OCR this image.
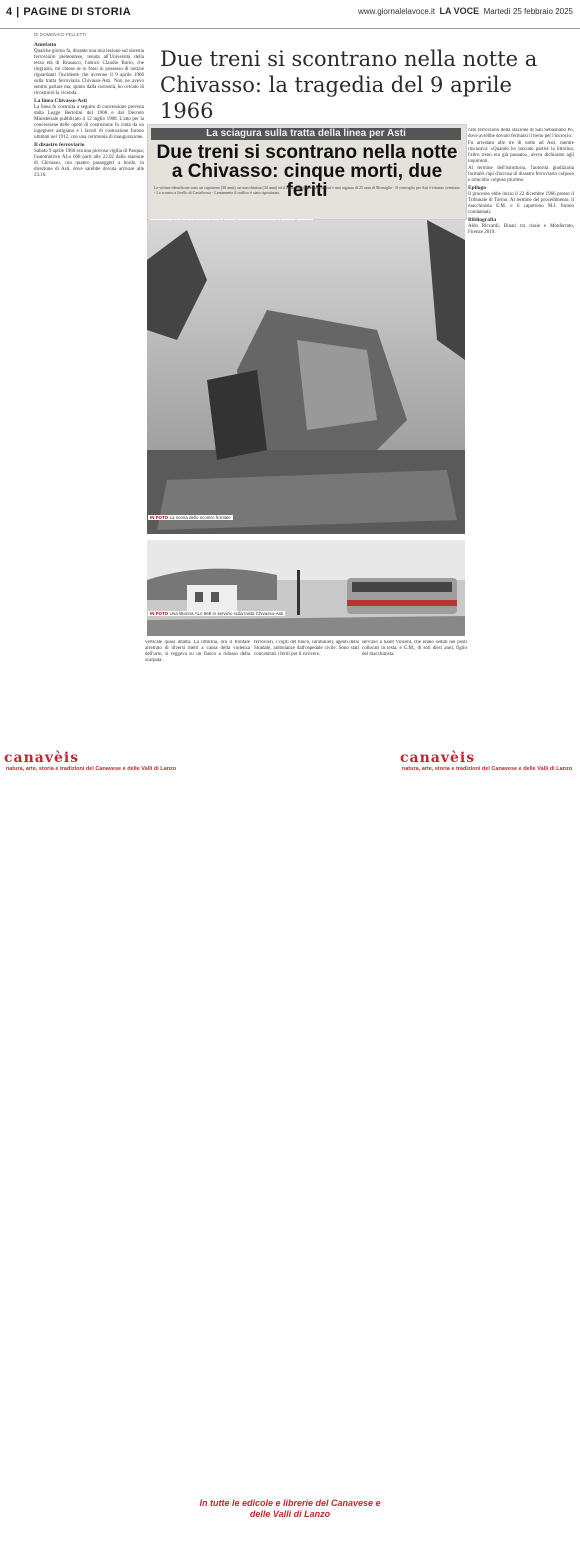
4 | PAGINE DI STORIA	www.giornalelavoce.it LA VOCE Martedì 25 febbraio 2025
DI DOMENICO FELLETTI
Due treni si scontrano nella notte a Chivasso: la tragedia del 9 aprile 1966
Antefatto

Qualche giorno fa, durante una mia lezione sul sistema ferroviario piemontese, tenuta all'Università della terza età di Brusasco, l'amico Claudio Borio, che ringrazio, mi chiese se io fossi in possesso di notizie riguardanti l'incidente che avvenne il 9 aprile 1966 sulla tratta ferroviaria Chivasso-Asti. Non ne avevo sentito parlare ma, spinto dalla curiosità, ho cercato di ricostruire la vicenda.

La linea Chivasso-Asti

La linea fu costruita a seguito di concessione prevista dalla Legge Bertolini del 1908 e dal Decreto Ministeriale pubblicato il 12 luglio 1908. L'atto per la concessione delle opere di costruzione fu vinta da un ingegnere astigiano e i lavori di costruzione furono ultimati nel 1912, con una cerimonia di inaugurazione.

Il disastro ferroviario

Sabato 9 aprile 1966 era una piovosa vigilia di Pasqua; l'automotrice ALn 668 partì alle 22.02 dalla stazione di Chivasso, con quattro passeggeri a bordo, in direzione di Asti, dove sarebbe dovuta arrivare alle 23.16.

La sciagura sulla tratta della linea per Asti
Due treni si scontrano nella notte a Chivasso: cinque morti, due feriti
Le vittime identificate sono un capotreno (38 anni), un macchinista (34 anni) ed il figlio dodicenne tutti di Asti e una ragazza di 25 anni di Montiglio - Il convoglio per Asti è rimasto sventrato - Lo scontro a livello di Castelrosso - Lentamente il traffico è stato ripristinato.
IN FOTO La scena dello scontro frontale
IN FOTO Una littorina ALn 668 in servizio sulla tratta Chivasso-Asti

verticale quasi intatta. La littorina, ora il frontale arretrato di diversi metri a causa della violenza dell'urto, si reggeva su un fianco a ridosso della scarpata.

ferrovieri, i vigili del fuoco, carabinieri, agenti della Stradale, ambulanze dall'ospedale civile. Sono stati concentrati i feriti per il ricovero.

servizio a Saint Vincent, che erano seduti nei posti collocati in testa, e G.M., di soli dieci anni, figlio del macchinista.

cato ferroviario della stazione di San Sebastiano Po, dove avrebbe dovuto fermarsi il treno per l'incrocio.

Fu arrestato alle tre di notte ad Asti, mentre rincasava: «Quando ho lasciato partire la littorina, l'altro treno era già passato», aveva dichiarato agli inquirenti.

Al termine dell'istruttoria, l'autorità giudiziaria formulò capi d'accusa di disastro ferroviario colposo e omicidio colposo plurimo.

Epilogo

Il processo ebbe inizio il 22 dicembre 1966 presso il Tribunale di Torino. Al termine del procedimento, il macchinista E.M. e il capotreno M.I. furono condannati.

Bibliografia

Aldo Riccardi, Binari tra risaie e Monferrato, Firenze 2019.

canavèis
natura, arte, storia e tradizioni del Canavese e delle Valli di Lanzo
In tutte le edicole e librerie del Canavese e delle Valli di Lanzo
canavèis
natura, arte, storia e tradizioni del Canavese e delle Valli di Lanzo
